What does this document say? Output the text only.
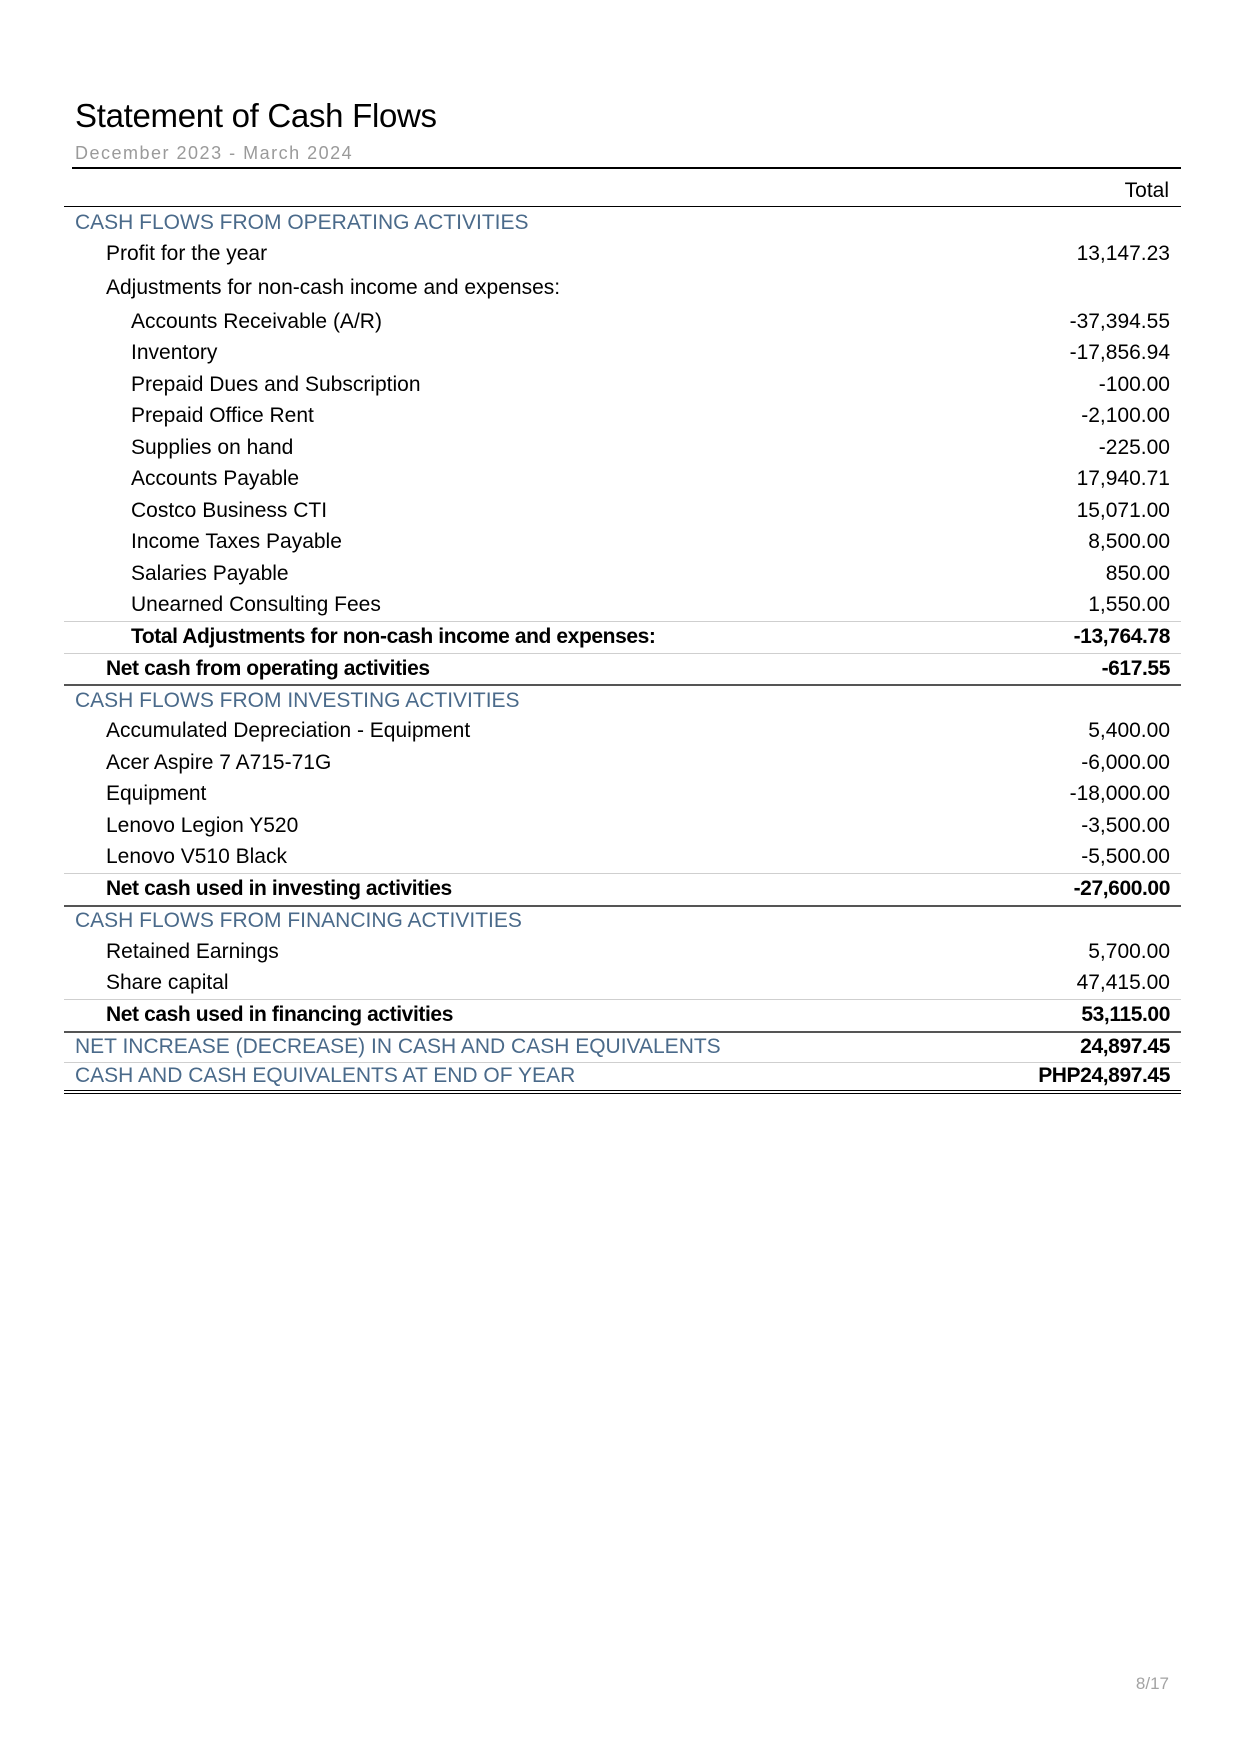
Statement of Cash Flows
December 2023 - March 2024
Total
CASH FLOWS FROM OPERATING ACTIVITIES
Profit for the year	13,147.23
Adjustments for non-cash income and expenses:
Accounts Receivable (A/R)	-37,394.55
Inventory	-17,856.94
Prepaid Dues and Subscription	-100.00
Prepaid Office Rent	-2,100.00
Supplies on hand	-225.00
Accounts Payable	17,940.71
Costco Business CTI	15,071.00
Income Taxes Payable	8,500.00
Salaries Payable	850.00
Unearned Consulting Fees	1,550.00
Total Adjustments for non-cash income and expenses:	-13,764.78
Net cash from operating activities	-617.55
CASH FLOWS FROM INVESTING ACTIVITIES
Accumulated Depreciation - Equipment	5,400.00
Acer Aspire 7 A715-71G	-6,000.00
Equipment	-18,000.00
Lenovo Legion Y520	-3,500.00
Lenovo V510 Black	-5,500.00
Net cash used in investing activities	-27,600.00
CASH FLOWS FROM FINANCING ACTIVITIES
Retained Earnings	5,700.00
Share capital	47,415.00
Net cash used in financing activities	53,115.00
NET INCREASE (DECREASE) IN CASH AND CASH EQUIVALENTS	24,897.45
CASH AND CASH EQUIVALENTS AT END OF YEAR	PHP24,897.45
8/17
